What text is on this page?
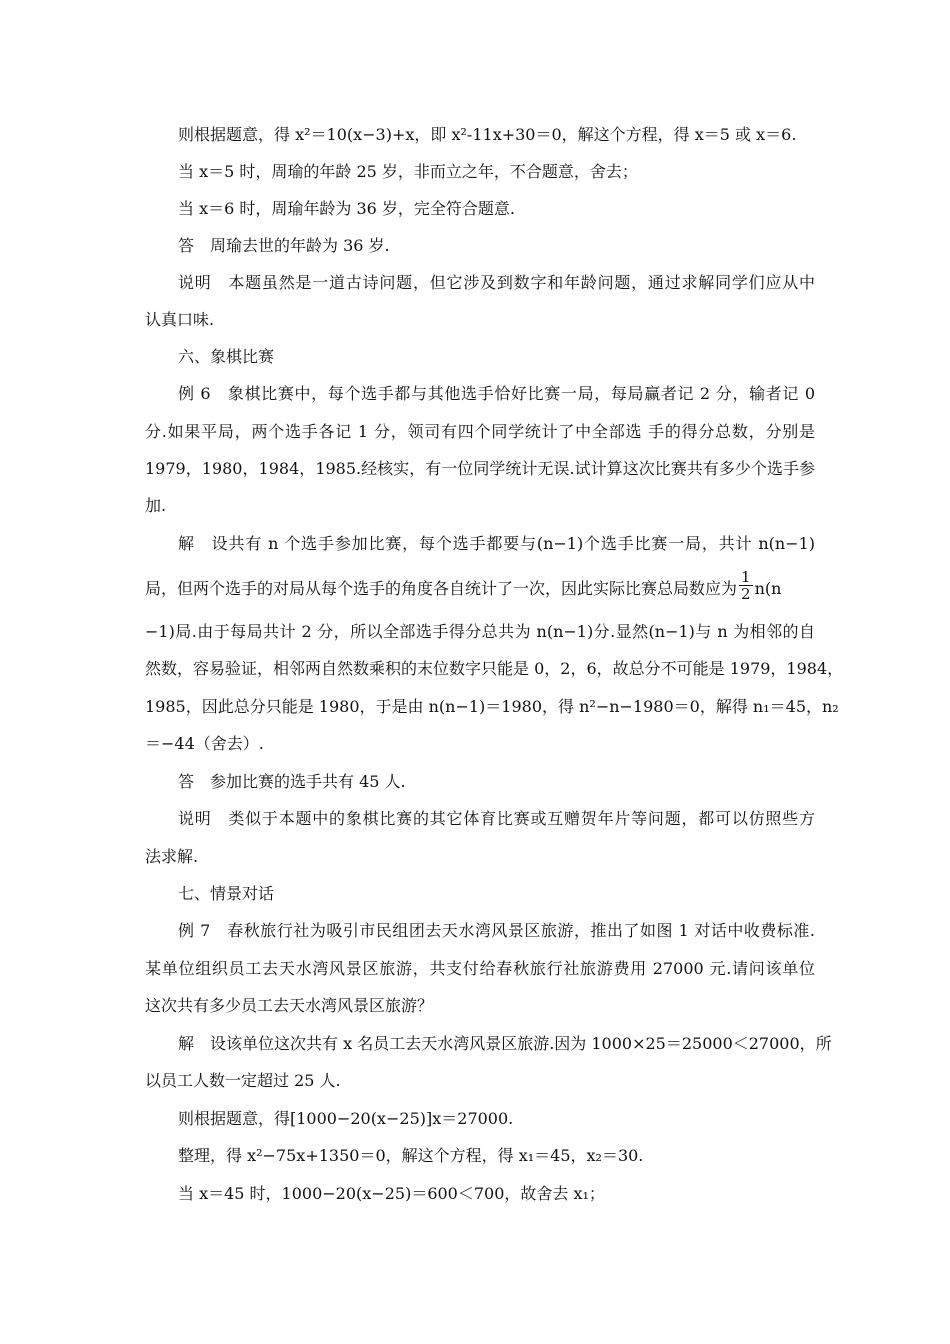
则根据题意，得 x²＝10(x−3)+x，即 x²-11x+30＝0，解这个方程，得 x＝5 或 x＝6.
当 x＝5 时，周瑜的年龄 25 岁，非而立之年，不合题意，舍去；
当 x＝6 时，周瑜年龄为 36 岁，完全符合题意.
答　周瑜去世的年龄为 36 岁.
说明　本题虽然是一道古诗问题，但它涉及到数字和年龄问题，通过求解同学们应从中
认真口味.
六、象棋比赛
例 6　象棋比赛中，每个选手都与其他选手恰好比赛一局，每局赢者记 2 分，输者记 0
分.如果平局，两个选手各记 1 分，领司有四个同学统计了中全部选 手的得分总数，分别是
1979，1980，1984，1985.经核实，有一位同学统计无误.试计算这次比赛共有多少个选手参
加.
解　设共有 n 个选手参加比赛，每个选手都要与(n−1)个选手比赛一局，共计 n(n−1)
局，但两个选手的对局从每个选手的角度各自统计了一次，因此实际比赛总局数应为 $\frac{1}{2} n(n$
−1)局.由于每局共计 2 分，所以全部选手得分总共为 n(n−1)分.显然(n−1)与 n 为相邻的自
然数，容易验证，相邻两自然数乘积的末位数字只能是 0，2，6，故总分不可能是 1979，1984，
1985，因此总分只能是 1980，于是由 n(n−1)＝1980，得 n²−n−1980＝0，解得 n₁＝45，n₂
＝−44（舍去）.
答　参加比赛的选手共有 45 人.
说明　类似于本题中的象棋比赛的其它体育比赛或互赠贺年片等问题，都可以仿照些方
法求解.
七、情景对话
例 7　春秋旅行社为吸引市民组团去天水湾风景区旅游，推出了如图 1 对话中收费标准.
某单位组织员工去天水湾风景区旅游，共支付给春秋旅行社旅游费用 27000 元.请问该单位
这次共有多少员工去天水湾风景区旅游？
解　设该单位这次共有 x 名员工去天水湾风景区旅游.因为 1000×25＝25000＜27000，所
以员工人数一定超过 25 人.
则根据题意，得[1000−20(x−25)]x＝27000.
整理，得 x²−75x+1350＝0，解这个方程，得 x₁＝45，x₂＝30.
当 x＝45 时，1000−20(x−25)＝600＜700，故舍去 x₁；
